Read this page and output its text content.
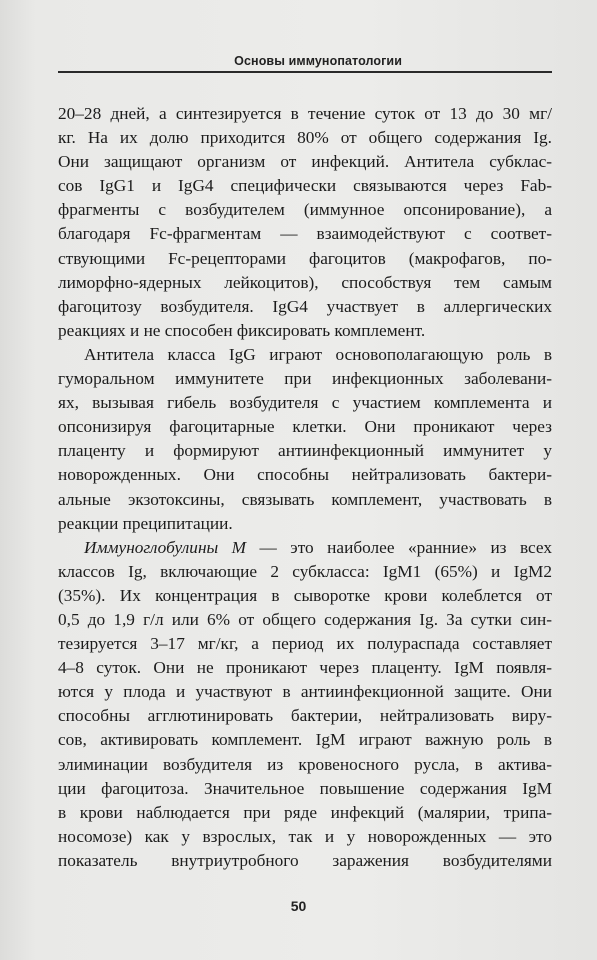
Основы иммунопатологии
20–28 дней, а синтезируется в течение суток от 13 до 30 мг/
кг. На их долю приходится 80% от общего содержания Ig.
Они защищают организм от инфекций. Антитела субклас-
сов IgG1 и IgG4 специфически связываются через Fab-
фрагменты с возбудителем (иммунное опсонирование), а
благодаря Fc-фрагментам — взаимодействуют с соответ-
ствующими Fc-рецепторами фагоцитов (макрофагов, по-
лиморфно-ядерных лейкоцитов), способствуя тем самым
фагоцитозу возбудителя. IgG4 участвует в аллергических
реакциях и не способен фиксировать комплемент.
Антитела класса IgG играют основополагающую роль в
гуморальном иммунитете при инфекционных заболевани-
ях, вызывая гибель возбудителя с участием комплемента и
опсонизируя фагоцитарные клетки. Они проникают через
плаценту и формируют антиинфекционный иммунитет у
новорожденных. Они способны нейтрализовать бактери-
альные экзотоксины, связывать комплемент, участвовать в
реакции преципитации.
Иммуноглобулины М — это наиболее «ранние» из всех
классов Ig, включающие 2 субкласса: IgM1 (65%) и IgM2
(35%). Их концентрация в сыворотке крови колеблется от
0,5 до 1,9 г/л или 6% от общего содержания Ig. За сутки син-
тезируется 3–17 мг/кг, а период их полураспада составляет
4–8 суток. Они не проникают через плаценту. IgM появля-
ются у плода и участвуют в антиинфекционной защите. Они
способны агглютинировать бактерии, нейтрализовать виру-
сов, активировать комплемент. IgM играют важную роль в
элиминации возбудителя из кровеносного русла, в актива-
ции фагоцитоза. Значительное повышение содержания IgM
в крови наблюдается при ряде инфекций (малярии, трипа-
носомозе) как у взрослых, так и у новорожденных — это
показатель внутриутробного заражения возбудителями
50
